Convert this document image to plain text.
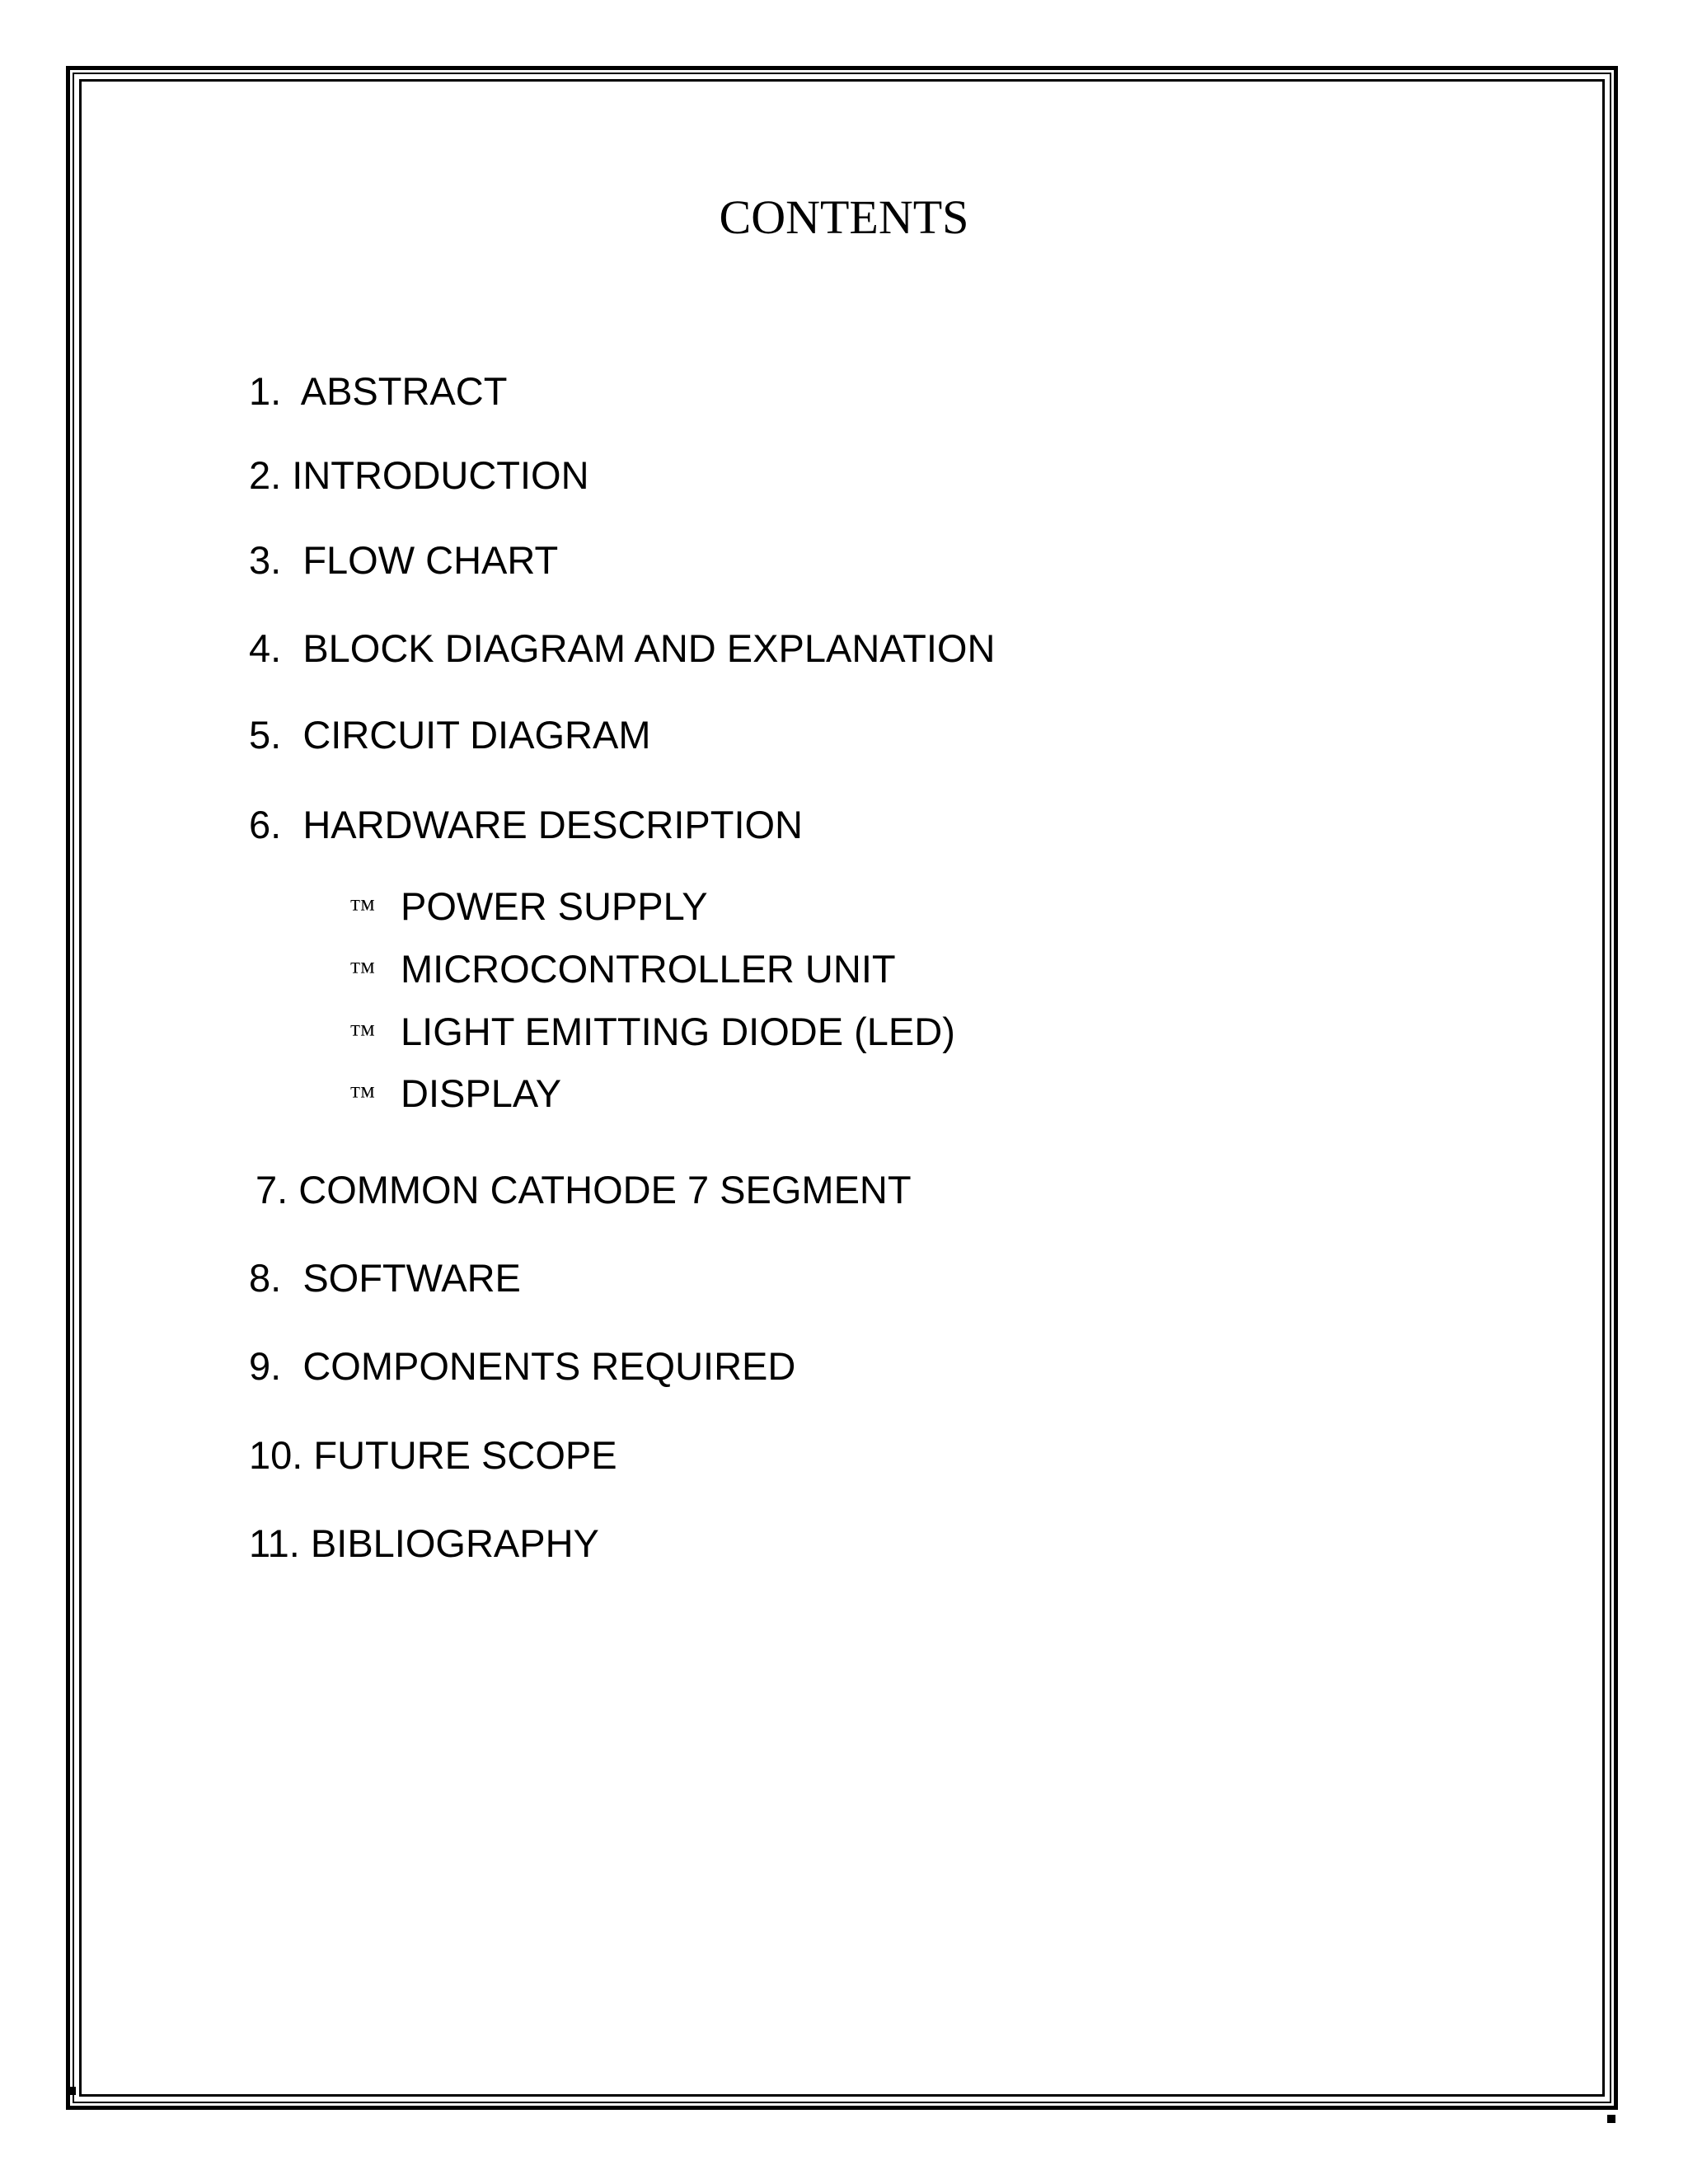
CONTENTS
1.  ABSTRACT
2. INTRODUCTION
3.  FLOW CHART
4.  BLOCK DIAGRAM AND EXPLANATION
5.  CIRCUIT DIAGRAM
6.  HARDWARE DESCRIPTION
™ POWER SUPPLY
™ MICROCONTROLLER UNIT
™ LIGHT EMITTING DIODE (LED)
™ DISPLAY
7. COMMON CATHODE 7 SEGMENT
8.  SOFTWARE
9.  COMPONENTS REQUIRED
10. FUTURE SCOPE
11. BIBLIOGRAPHY
